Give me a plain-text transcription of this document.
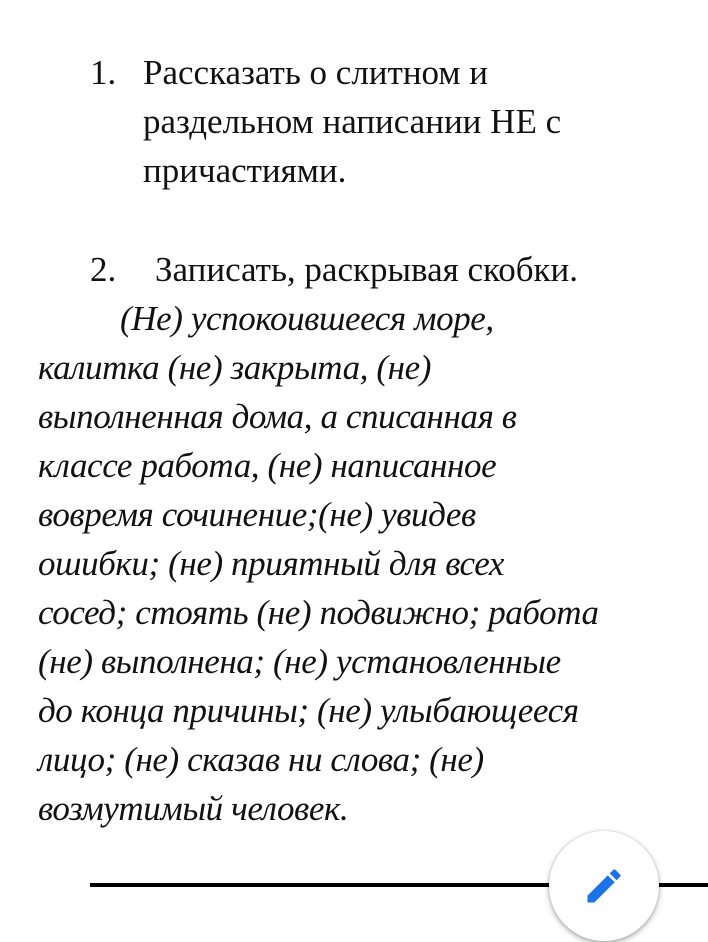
1. Рассказать о слитном и
раздельном написании НЕ с
причастиями.
2. Записать, раскрывая скобки.
(Не) успокоившееся море,
калитка (не) закрыта, (не)
выполненная дома, а списанная в
классе работа, (не) написанное
вовремя сочинение;(не) увидев
ошибки; (не) приятный для всех
сосед; стоять (не) подвижно; работа
(не) выполнена; (не) установленные
до конца причины; (не) улыбающееся
лицо; (не) сказав ни слова; (не)
возмутимый человек.
